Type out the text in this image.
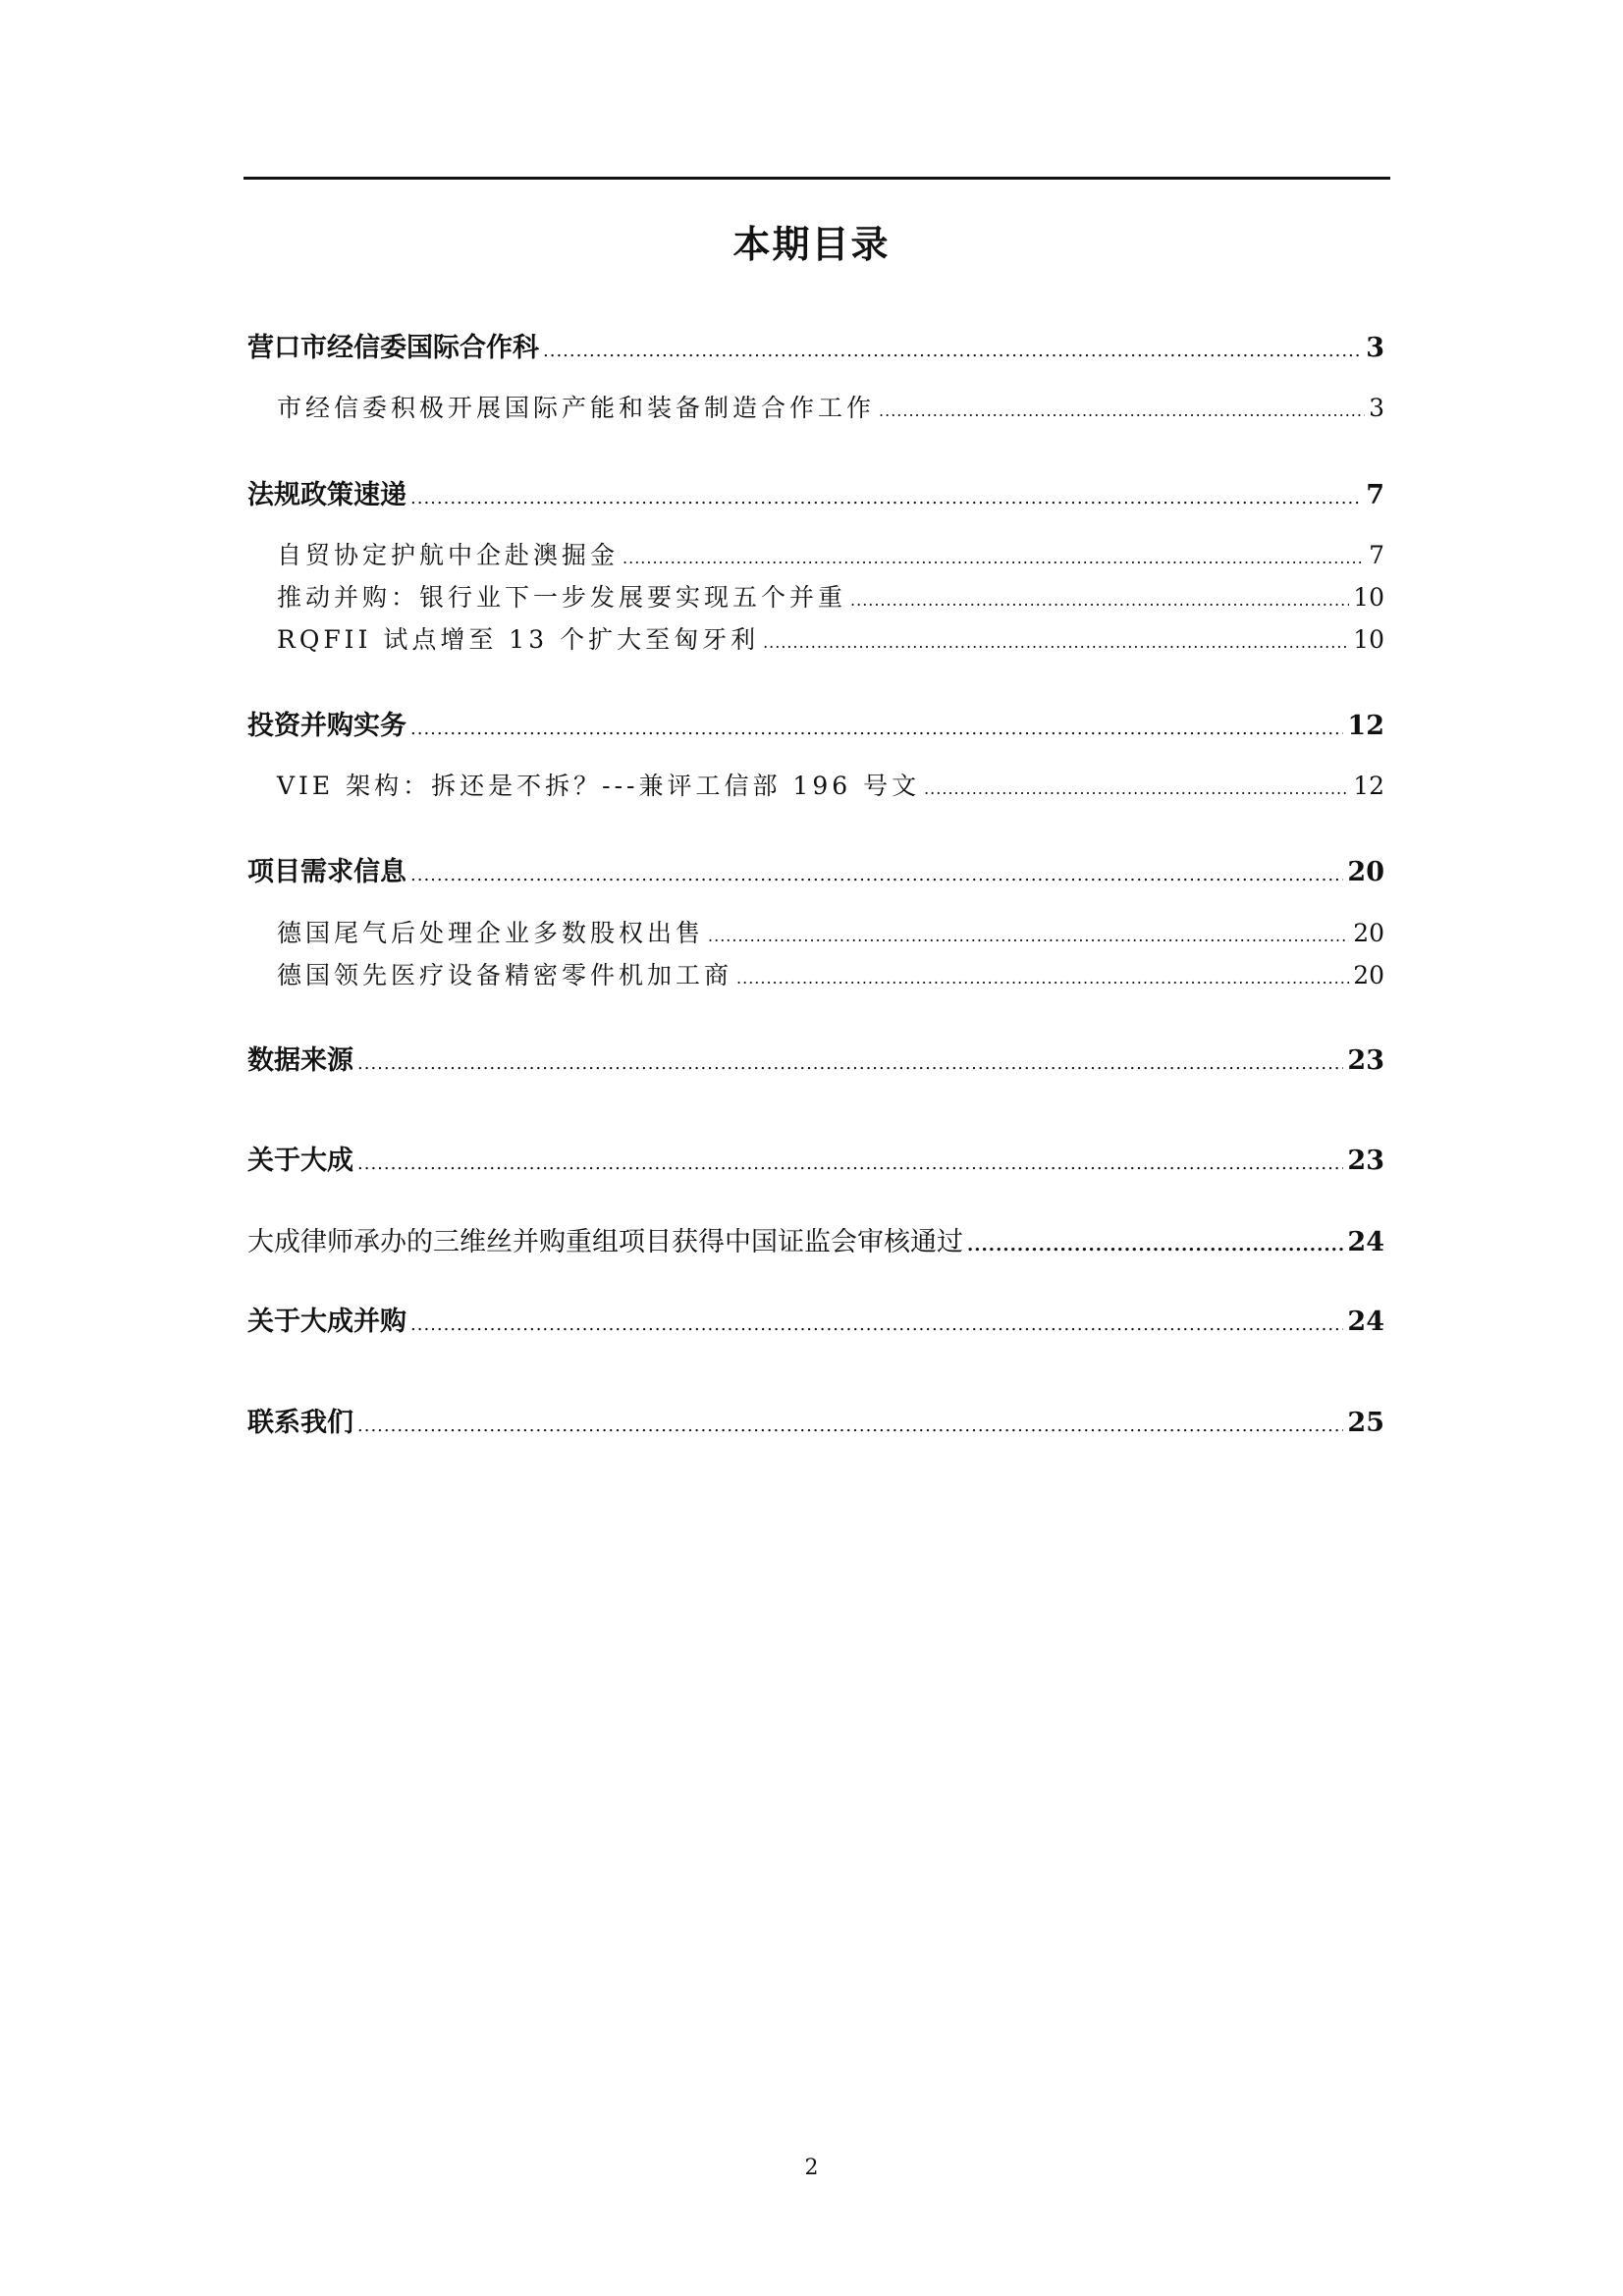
本期目录
营口市经信委国际合作科 .....	3
市经信委积极开展国际产能和装备制造合作工作 .....	3
法规政策速递 .....	7
自贸协定护航中企赴澳掘金 .....	7
推动并购：银行业下一步发展要实现五个并重 .....	10
RQFII 试点增至 13 个扩大至匈牙利 .....	10
投资并购实务 .....	12
VIE 架构：拆还是不拆？---兼评工信部 196 号文 .....	12
项目需求信息 .....	20
德国尾气后处理企业多数股权出售 .....	20
德国领先医疗设备精密零件机加工商 .....	20
数据来源 .....	23
关于大成 .....	23
大成律师承办的三维丝并购重组项目获得中国证监会审核通过 .....	24
关于大成并购 .....	24
联系我们 .....	25
2
